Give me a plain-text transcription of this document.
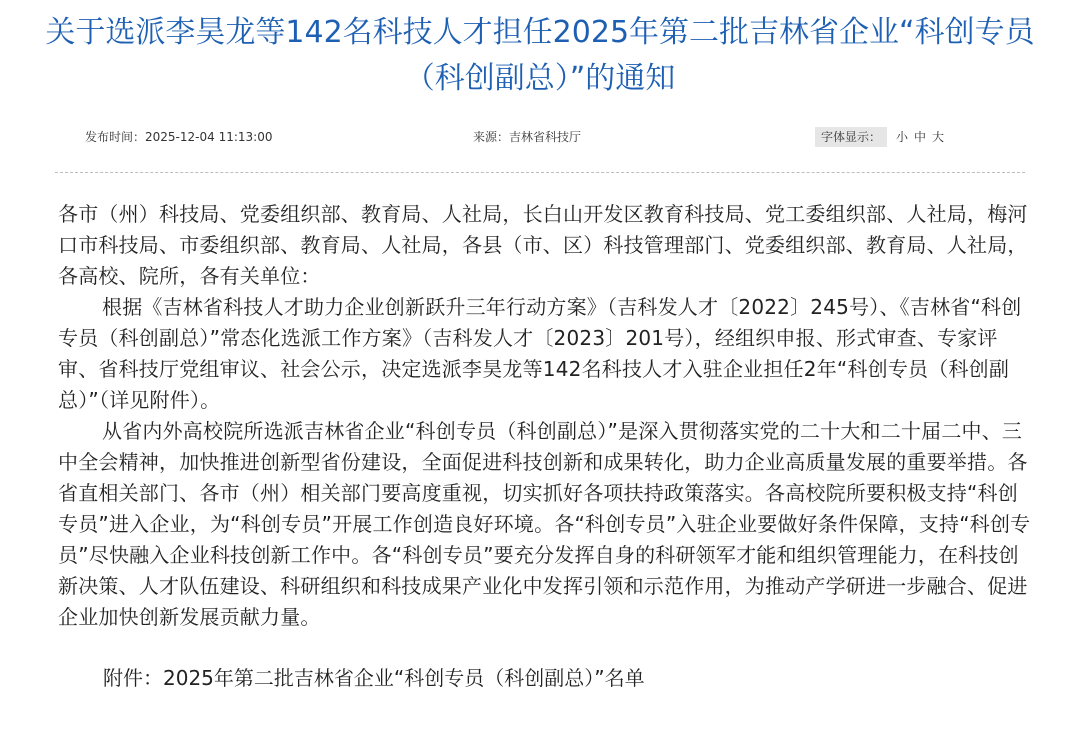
关于选派李昊龙等142名科技人才担任2025年第二批吉林省企业“科创专员（科创副总）”的通知
发布时间：2025-12-04 11:13:00	来源：吉林省科技厅	字体显示： 小 中 大

各市（州）科技局、党委组织部、教育局、人社局，长白山开发区教育科技局、党工委组织部、人社局，梅河口市科技局、市委组织部、教育局、人社局，各县（市、区）科技管理部门、党委组织部、教育局、人社局，各高校、院所，各有关单位：

根据《吉林省科技人才助力企业创新跃升三年行动方案》（吉科发人才〔2022〕245号）、《吉林省“科创专员（科创副总）”常态化选派工作方案》（吉科发人才〔2023〕201号），经组织申报、形式审查、专家评审、省科技厅党组审议、社会公示，决定选派李昊龙等142名科技人才入驻企业担任2年“科创专员（科创副总）”（详见附件）。

从省内外高校院所选派吉林省企业“科创专员（科创副总）”是深入贯彻落实党的二十大和二十届二中、三中全会精神，加快推进创新型省份建设，全面促进科技创新和成果转化，助力企业高质量发展的重要举措。各省直相关部门、各市（州）相关部门要高度重视，切实抓好各项扶持政策落实。各高校院所要积极支持“科创专员”进入企业，为“科创专员”开展工作创造良好环境。各“科创专员”入驻企业要做好条件保障，支持“科创专员”尽快融入企业科技创新工作中。各“科创专员”要充分发挥自身的科研领军才能和组织管理能力，在科技创新决策、人才队伍建设、科研组织和科技成果产业化中发挥引领和示范作用，为推动产学研进一步融合、促进企业加快创新发展贡献力量。

附件：2025年第二批吉林省企业“科创专员（科创副总）”名单
